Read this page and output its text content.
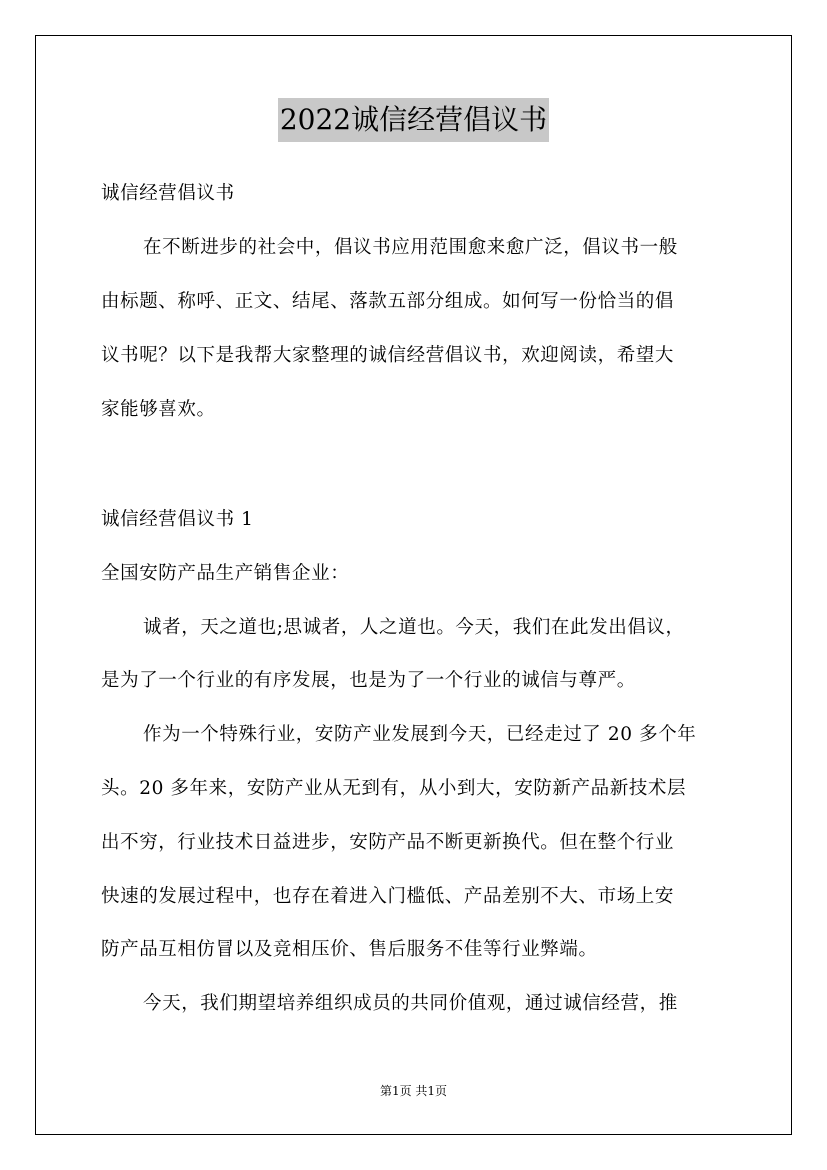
2022诚信经营倡议书
诚信经营倡议书
在不断进步的社会中，倡议书应用范围愈来愈广泛，倡议书一般
由标题、称呼、正文、结尾、落款五部分组成。如何写一份恰当的倡
议书呢？以下是我帮大家整理的诚信经营倡议书，欢迎阅读，希望大
家能够喜欢。
诚信经营倡议书 1
全国安防产品生产销售企业：
诚者，天之道也;思诚者，人之道也。今天，我们在此发出倡议，
是为了一个行业的有序发展，也是为了一个行业的诚信与尊严。
作为一个特殊行业，安防产业发展到今天，已经走过了 20 多个年
头。20 多年来，安防产业从无到有，从小到大，安防新产品新技术层
出不穷，行业技术日益进步，安防产品不断更新换代。但在整个行业
快速的发展过程中，也存在着进入门槛低、产品差别不大、市场上安
防产品互相仿冒以及竞相压价、售后服务不佳等行业弊端。
今天，我们期望培养组织成员的共同价值观，通过诚信经营，推
第1页 共1页
